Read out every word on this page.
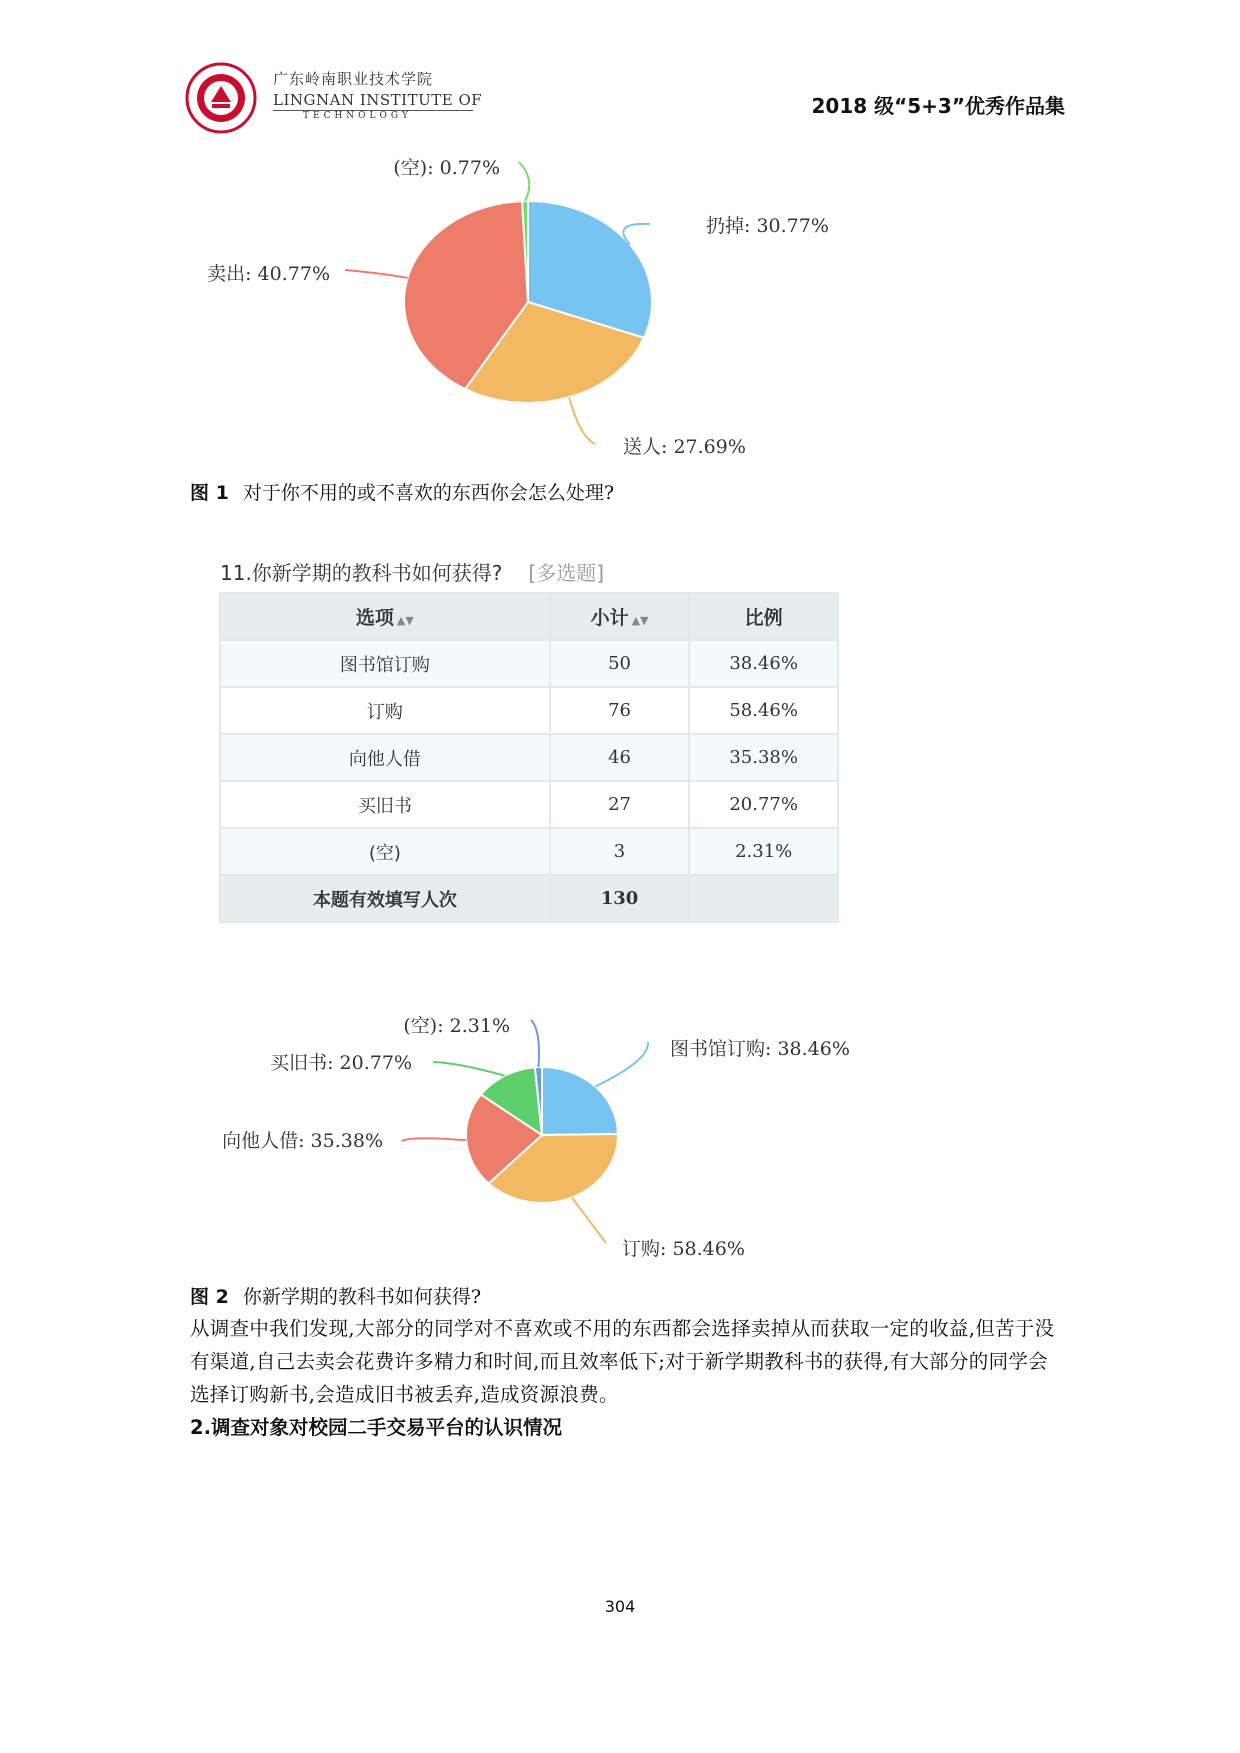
广东岭南职业技术学院
LINGNAN INSTITUTE OF
TECHNOLOGY	2018 级“5+3”优秀作品集
扔掉: 30.77%
送人: 27.69%
卖出: 40.77%
(空): 0.77%
图 1 对于你不用的或不喜欢的东西你会怎么处理?
11.你新学期的教科书如何获得? [多选题]
选项 ▲▼	小计 ▲▼	比例
图书馆订购	50	38.46%
订购	76	58.46%
向他人借	46	35.38%
买旧书	27	20.77%
(空)	3	2.31%
本题有效填写人次	130	
图书馆订购: 38.46%
订购: 58.46%
向他人借: 35.38%
买旧书: 20.77%
(空): 2.31%
图 2 你新学期的教科书如何获得?
从调查中我们发现,大部分的同学对不喜欢或不用的东西都会选择卖掉从而获取一定的收益,但苦于没有渠道,自己去卖会花费许多精力和时间,而且效率低下;对于新学期教科书的获得,有大部分的同学会选择订购新书,会造成旧书被丢弃,造成资源浪费。
2.调查对象对校园二手交易平台的认识情况
304
